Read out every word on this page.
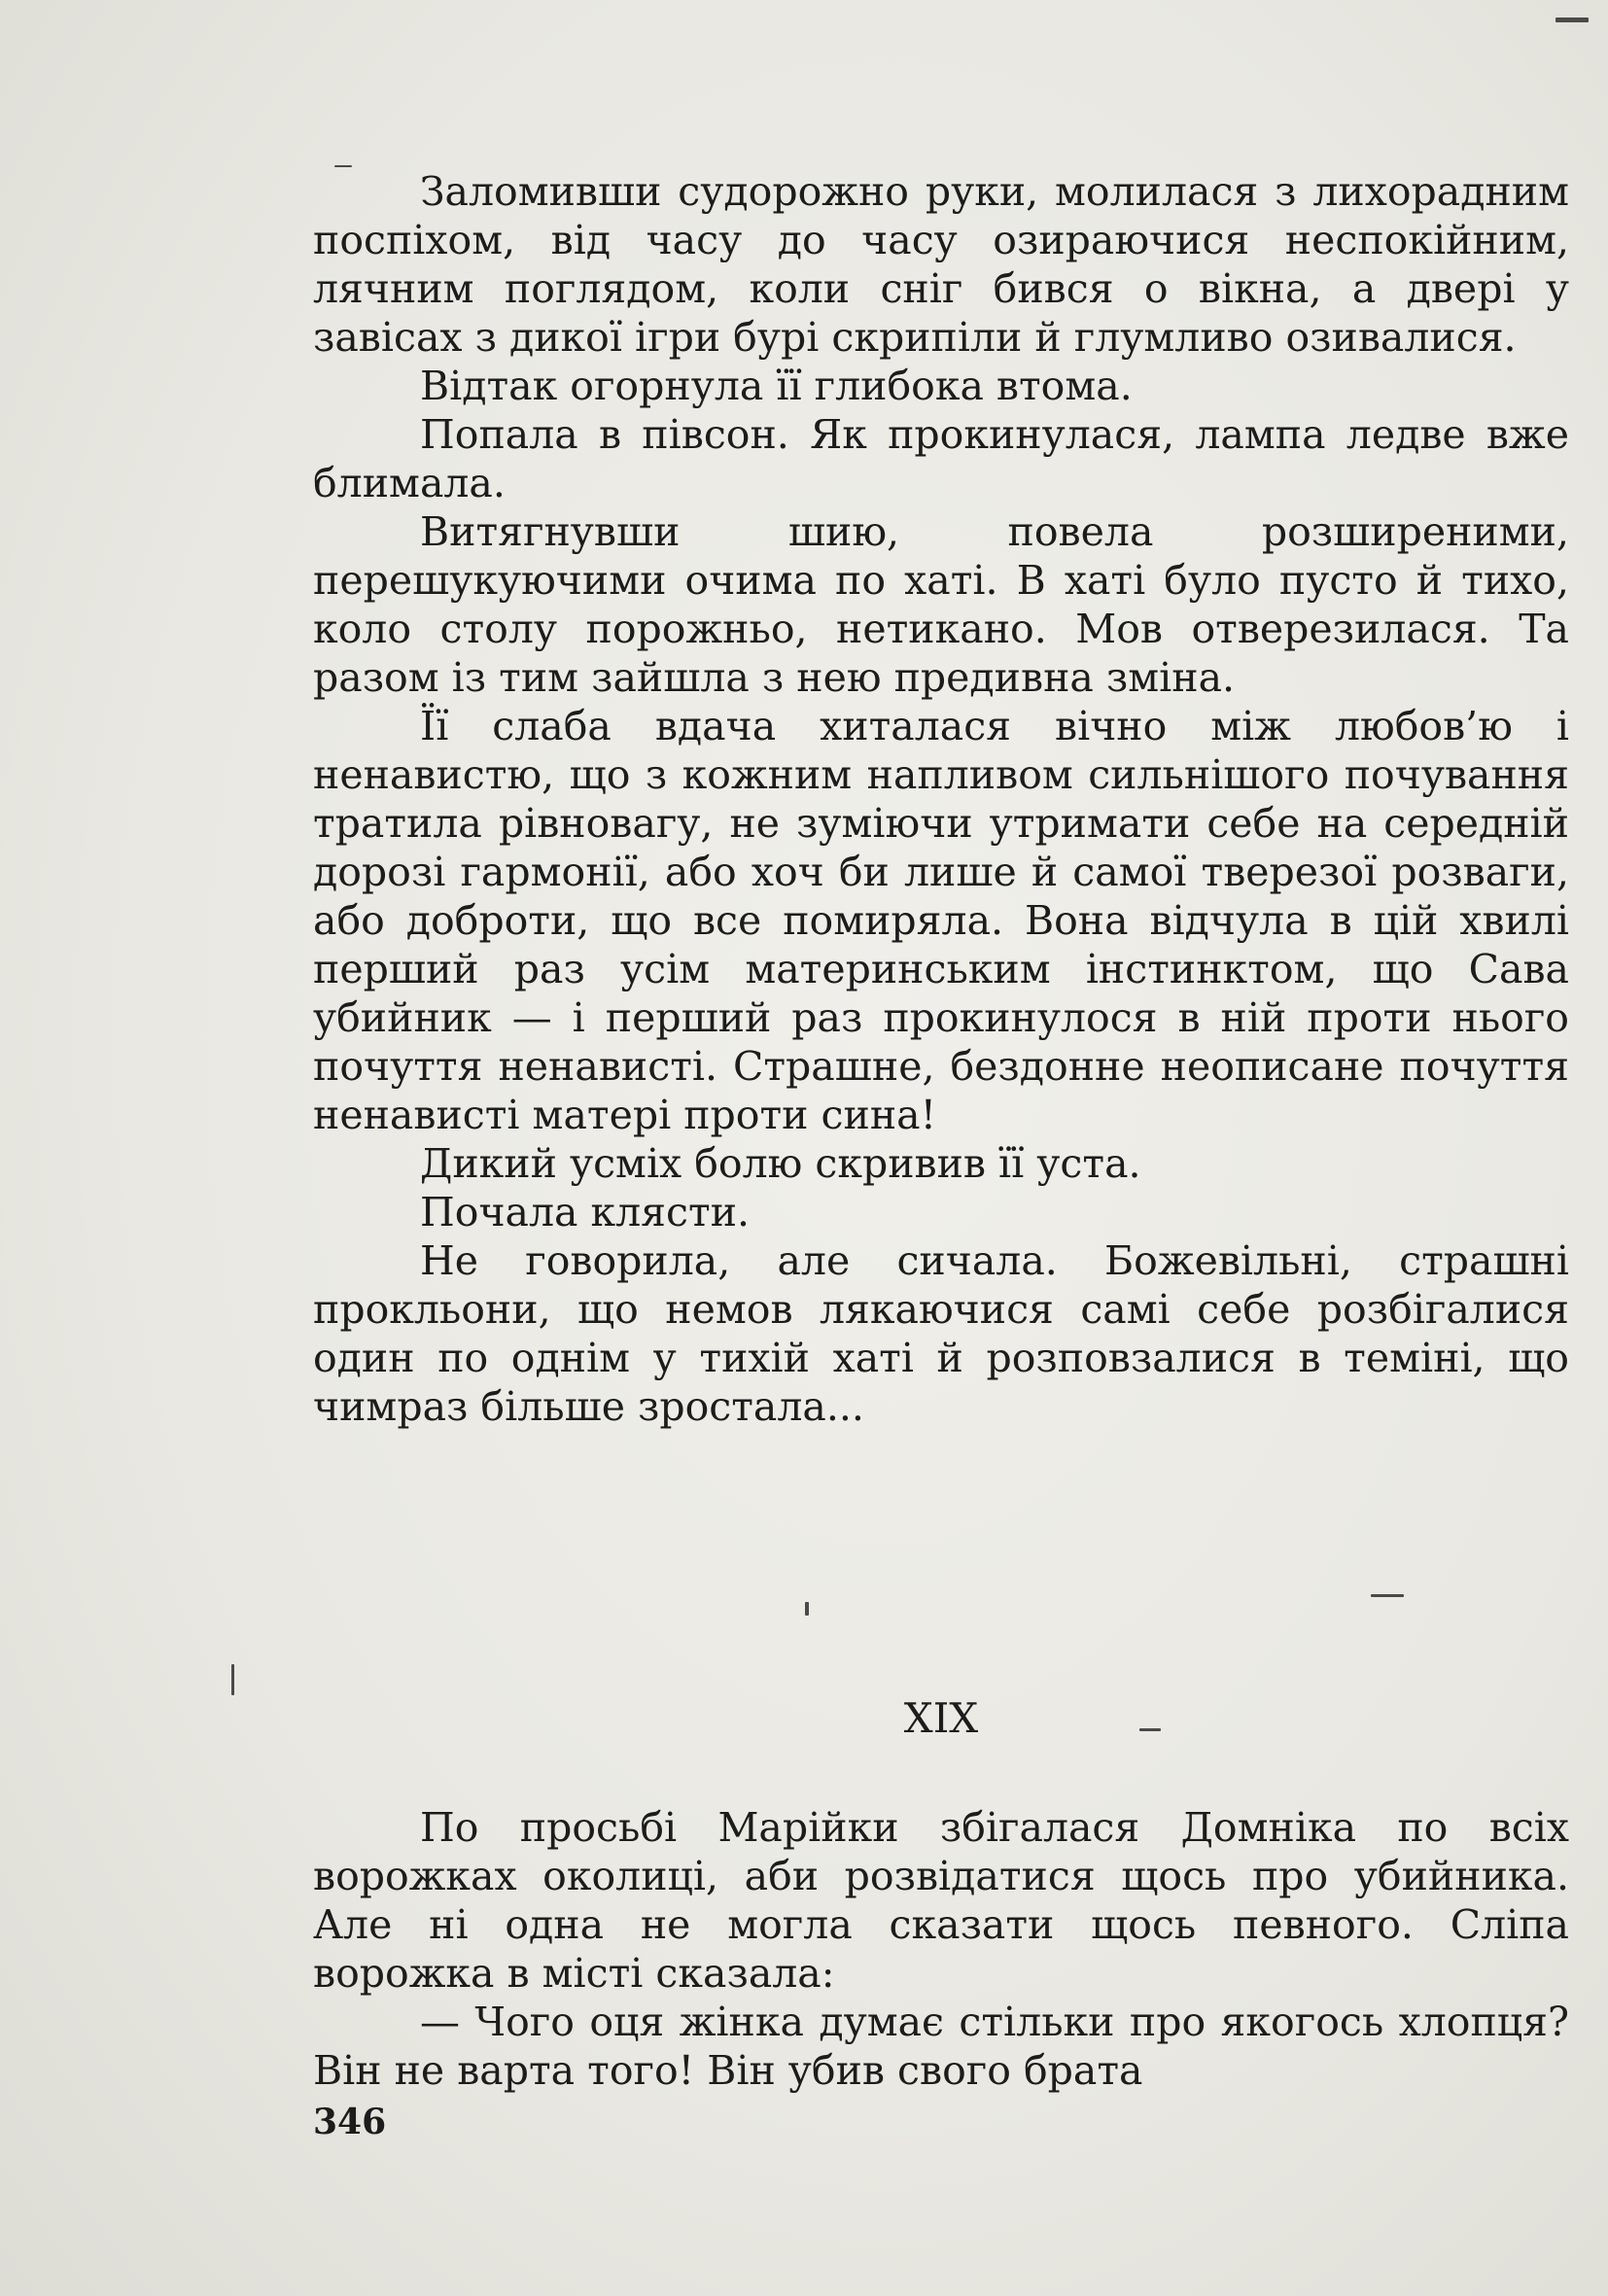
Заломивши судорожно руки, молилася з лихорадним поспіхом, від часу до часу озираючися неспокійним, лячним поглядом, коли сніг бився о вікна, а двері у завісах з дикої ігри бурі скрипіли й глумливо озивалися.

Відтак огорнула її глибока втома.

Попала в півсон. Як прокинулася, лампа ледве вже блимала.

Витягнувши шию, повела розширеними, перешукуючими очима по хаті. В хаті було пусто й тихо, коло столу порожньо, нетикано. Мов отверезилася. Та разом із тим зайшла з нею предивна зміна.

Її слаба вдача хиталася вічно між любов’ю і ненавистю, що з кожним напливом сильнішого почування тратила рівновагу, не зуміючи утримати себе на середній дорозі гармонії, або хоч би лише й самої тверезої розваги, або доброти, що все помиряла. Вона відчула в цій хвилі перший раз усім материнським інстинктом, що Сава убийник — і перший раз прокинулося в ній проти нього почуття ненависті. Страшне, бездонне неописане почуття ненависті матері проти сина!

Дикий усміх болю скривив її уста.

Почала клясти.

Не говорила, але сичала. Божевільні, страшні прокльони, що немов лякаючися самі себе розбігалися один по однім у тихій хаті й розповзалися в теміні, що чимраз більше зростала...

XIX

По просьбі Марійки збігалася Домніка по всіх ворожках околиці, аби розвідатися щось про убийника. Але ні одна не могла сказати щось певного. Сліпа ворожка в місті сказала:

— Чого оця жінка думає стільки про якогось хлопця? Він не варта того! Він убив свого брата

346
